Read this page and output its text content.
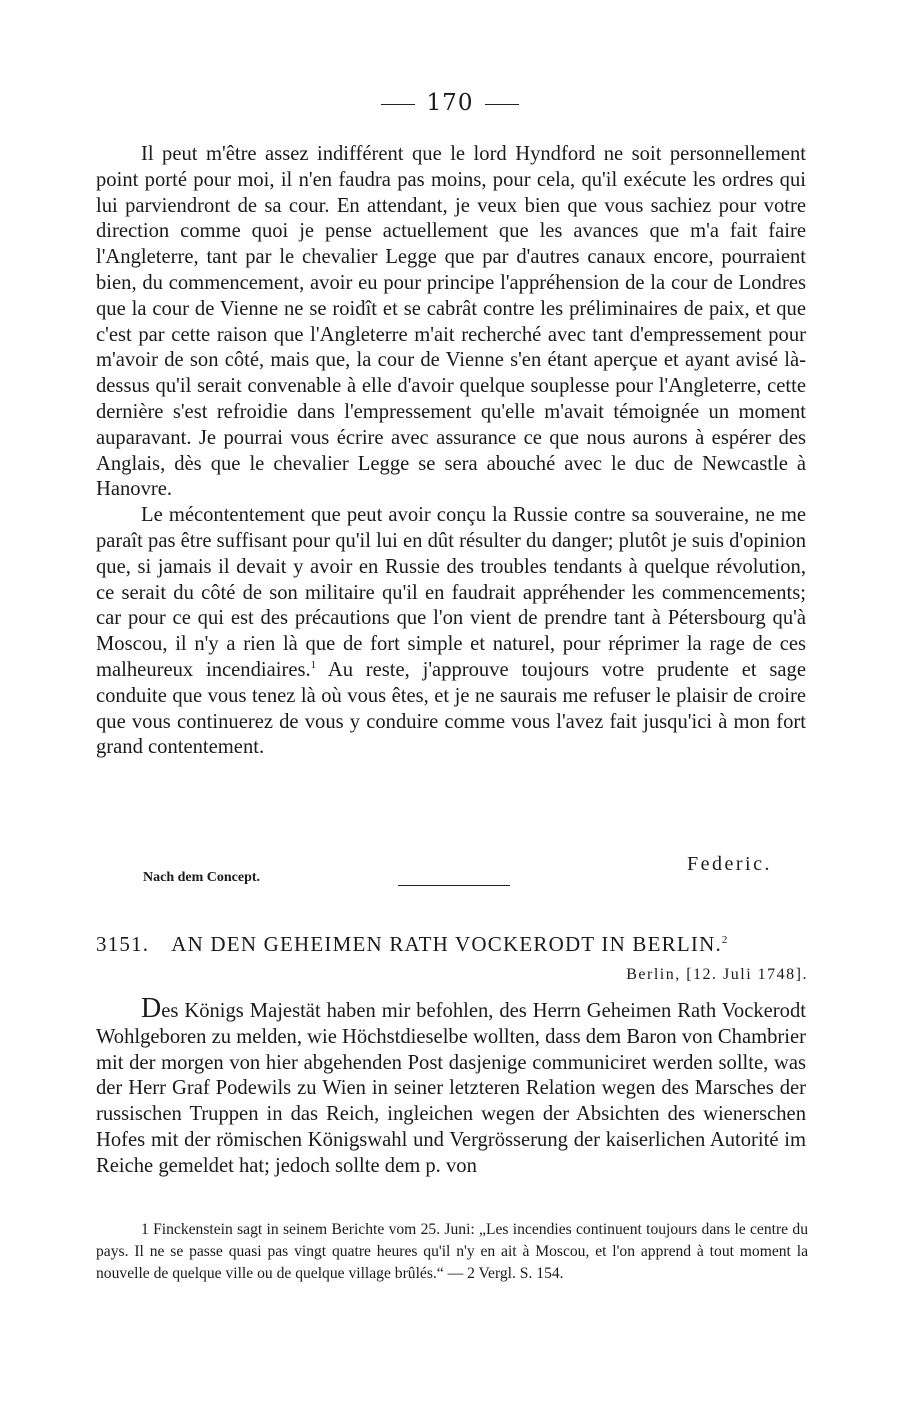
170

Il peut m'être assez indifférent que le lord Hyndford ne soit personnellement point porté pour moi, il n'en faudra pas moins, pour cela, qu'il exécute les ordres qui lui parviendront de sa cour. En attendant, je veux bien que vous sachiez pour votre direction comme quoi je pense actuellement que les avances que m'a fait faire l'Angleterre, tant par le chevalier Legge que par d'autres canaux encore, pourraient bien, du commencement, avoir eu pour principe l'appréhension de la cour de Londres que la cour de Vienne ne se roidît et se cabrât contre les préliminaires de paix, et que c'est par cette raison que l'Angleterre m'ait recherché avec tant d'empressement pour m'avoir de son côté, mais que, la cour de Vienne s'en étant aperçue et ayant avisé là-dessus qu'il serait convenable à elle d'avoir quelque souplesse pour l'Angleterre, cette dernière s'est refroidie dans l'empressement qu'elle m'avait témoignée un moment auparavant. Je pourrai vous écrire avec assurance ce que nous aurons à espérer des Anglais, dès que le chevalier Legge se sera abouché avec le duc de Newcastle à Hanovre.

Le mécontentement que peut avoir conçu la Russie contre sa souveraine, ne me paraît pas être suffisant pour qu'il lui en dût résulter du danger; plutôt je suis d'opinion que, si jamais il devait y avoir en Russie des troubles tendants à quelque révolution, ce serait du côté de son militaire qu'il en faudrait appréhender les commencements; car pour ce qui est des précautions que l'on vient de prendre tant à Pétersbourg qu'à Moscou, il n'y a rien là que de fort simple et naturel, pour réprimer la rage de ces malheureux incendiaires.$^1$ Au reste, j'approuve toujours votre prudente et sage conduite que vous tenez là où vous êtes, et je ne saurais me refuser le plaisir de croire que vous continuerez de vous y conduire comme vous l'avez fait jusqu'ici à mon fort grand contentement.

Federic.
Nach dem Concept.
3151. AN DEN GEHEIMEN RATH VOCKERODT IN BERLIN.$^2$
Berlin, [12. Juli 1748].

Des Königs Majestät haben mir befohlen, des Herrn Geheimen Rath Vockerodt Wohlgeboren zu melden, wie Höchstdieselbe wollten, dass dem Baron von Chambrier mit der morgen von hier abgehenden Post dasjenige communiciret werden sollte, was der Herr Graf Podewils zu Wien in seiner letzteren Relation wegen des Marsches der russischen Truppen in das Reich, ingleichen wegen der Absichten des wienerschen Hofes mit der römischen Königswahl und Vergrösserung der kaiserlichen Autorité im Reiche gemeldet hat; jedoch sollte dem p. von

1 Finckenstein sagt in seinem Berichte vom 25. Juni: „Les incendies continuent toujours dans le centre du pays. Il ne se passe quasi pas vingt quatre heures qu'il n'y en ait à Moscou, et l'on apprend à tout moment la nouvelle de quelque ville ou de quelque village brûlés.“ — 2 Vergl. S. 154.
